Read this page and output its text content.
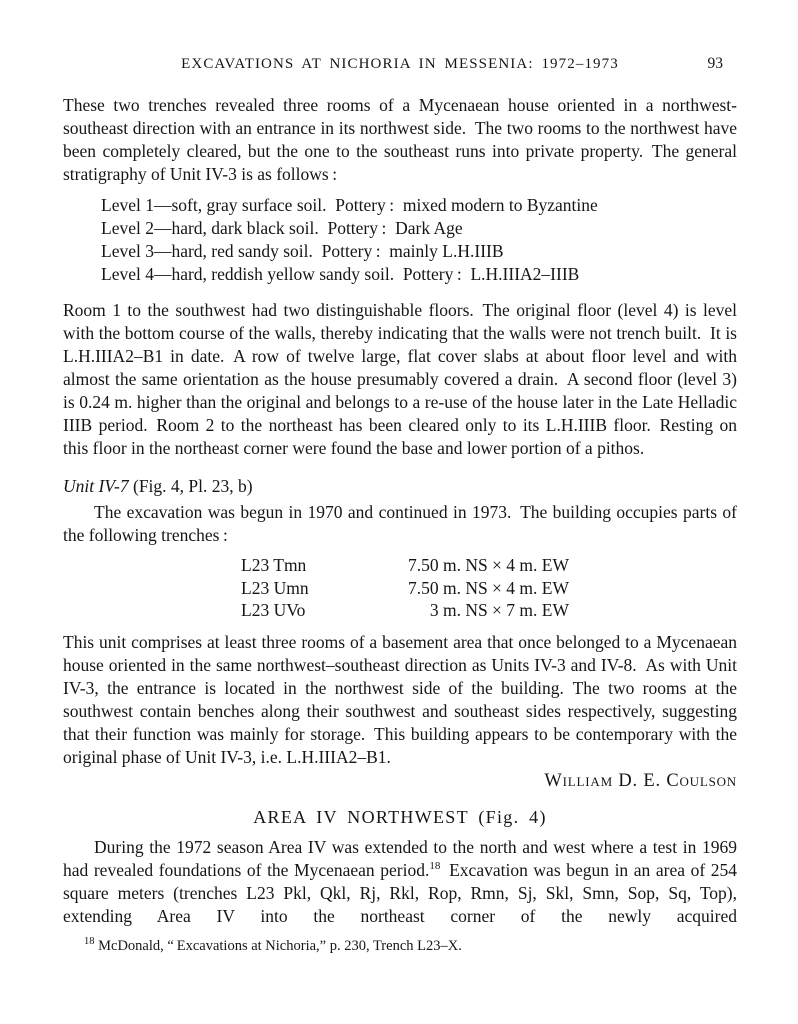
EXCAVATIONS AT NICHORIA IN MESSENIA: 1972–1973	93

These two trenches revealed three rooms of a Mycenaean house oriented in a northwest-southeast direction with an entrance in its northwest side. The two rooms to the northwest have been completely cleared, but the one to the southeast runs into private property. The general stratigraphy of Unit IV-3 is as follows :

Level 1—soft, gray surface soil. Pottery : mixed modern to Byzantine
Level 2—hard, dark black soil. Pottery : Dark Age
Level 3—hard, red sandy soil. Pottery : mainly L.H.IIIB
Level 4—hard, reddish yellow sandy soil. Pottery : L.H.IIIA2–IIIB

Room 1 to the southwest had two distinguishable floors. The original floor (level 4) is level with the bottom course of the walls, thereby indicating that the walls were not trench built. It is L.H.IIIA2–B1 in date. A row of twelve large, flat cover slabs at about floor level and with almost the same orientation as the house presumably covered a drain. A second floor (level 3) is 0.24 m. higher than the original and belongs to a re-use of the house later in the Late Helladic IIIB period. Room 2 to the northeast has been cleared only to its L.H.IIIB floor. Resting on this floor in the northeast corner were found the base and lower portion of a pithos.

Unit IV-7 (Fig. 4, Pl. 23, b)

The excavation was begun in 1970 and continued in 1973. The building occupies parts of the following trenches :

L23 Tmn	7.50 m. NS × 4 m. EW
L23 Umn	7.50 m. NS × 4 m. EW
L23 UVo	3 m. NS × 7 m. EW

This unit comprises at least three rooms of a basement area that once belonged to a Mycenaean house oriented in the same northwest–southeast direction as Units IV-3 and IV-8. As with Unit IV-3, the entrance is located in the northwest side of the building. The two rooms at the southwest contain benches along their southwest and southeast sides respectively, suggesting that their function was mainly for storage. This building appears to be contemporary with the original phase of Unit IV-3, i.e. L.H.IIIA2–B1.

William D. E. Coulson
AREA IV NORTHWEST (Fig. 4)

During the 1972 season Area IV was extended to the north and west where a test in 1969 had revealed foundations of the Mycenaean period.$^{18}$ Excavation was begun in an area of 254 square meters (trenches L23 Pkl, Qkl, Rj, Rkl, Rop, Rmn, Sj, Skl, Smn, Sop, Sq, Top), extending Area IV into the northeast corner of the newly acquired

$^{18}$ McDonald, “ Excavations at Nichoria,” p. 230, Trench L23–X.
